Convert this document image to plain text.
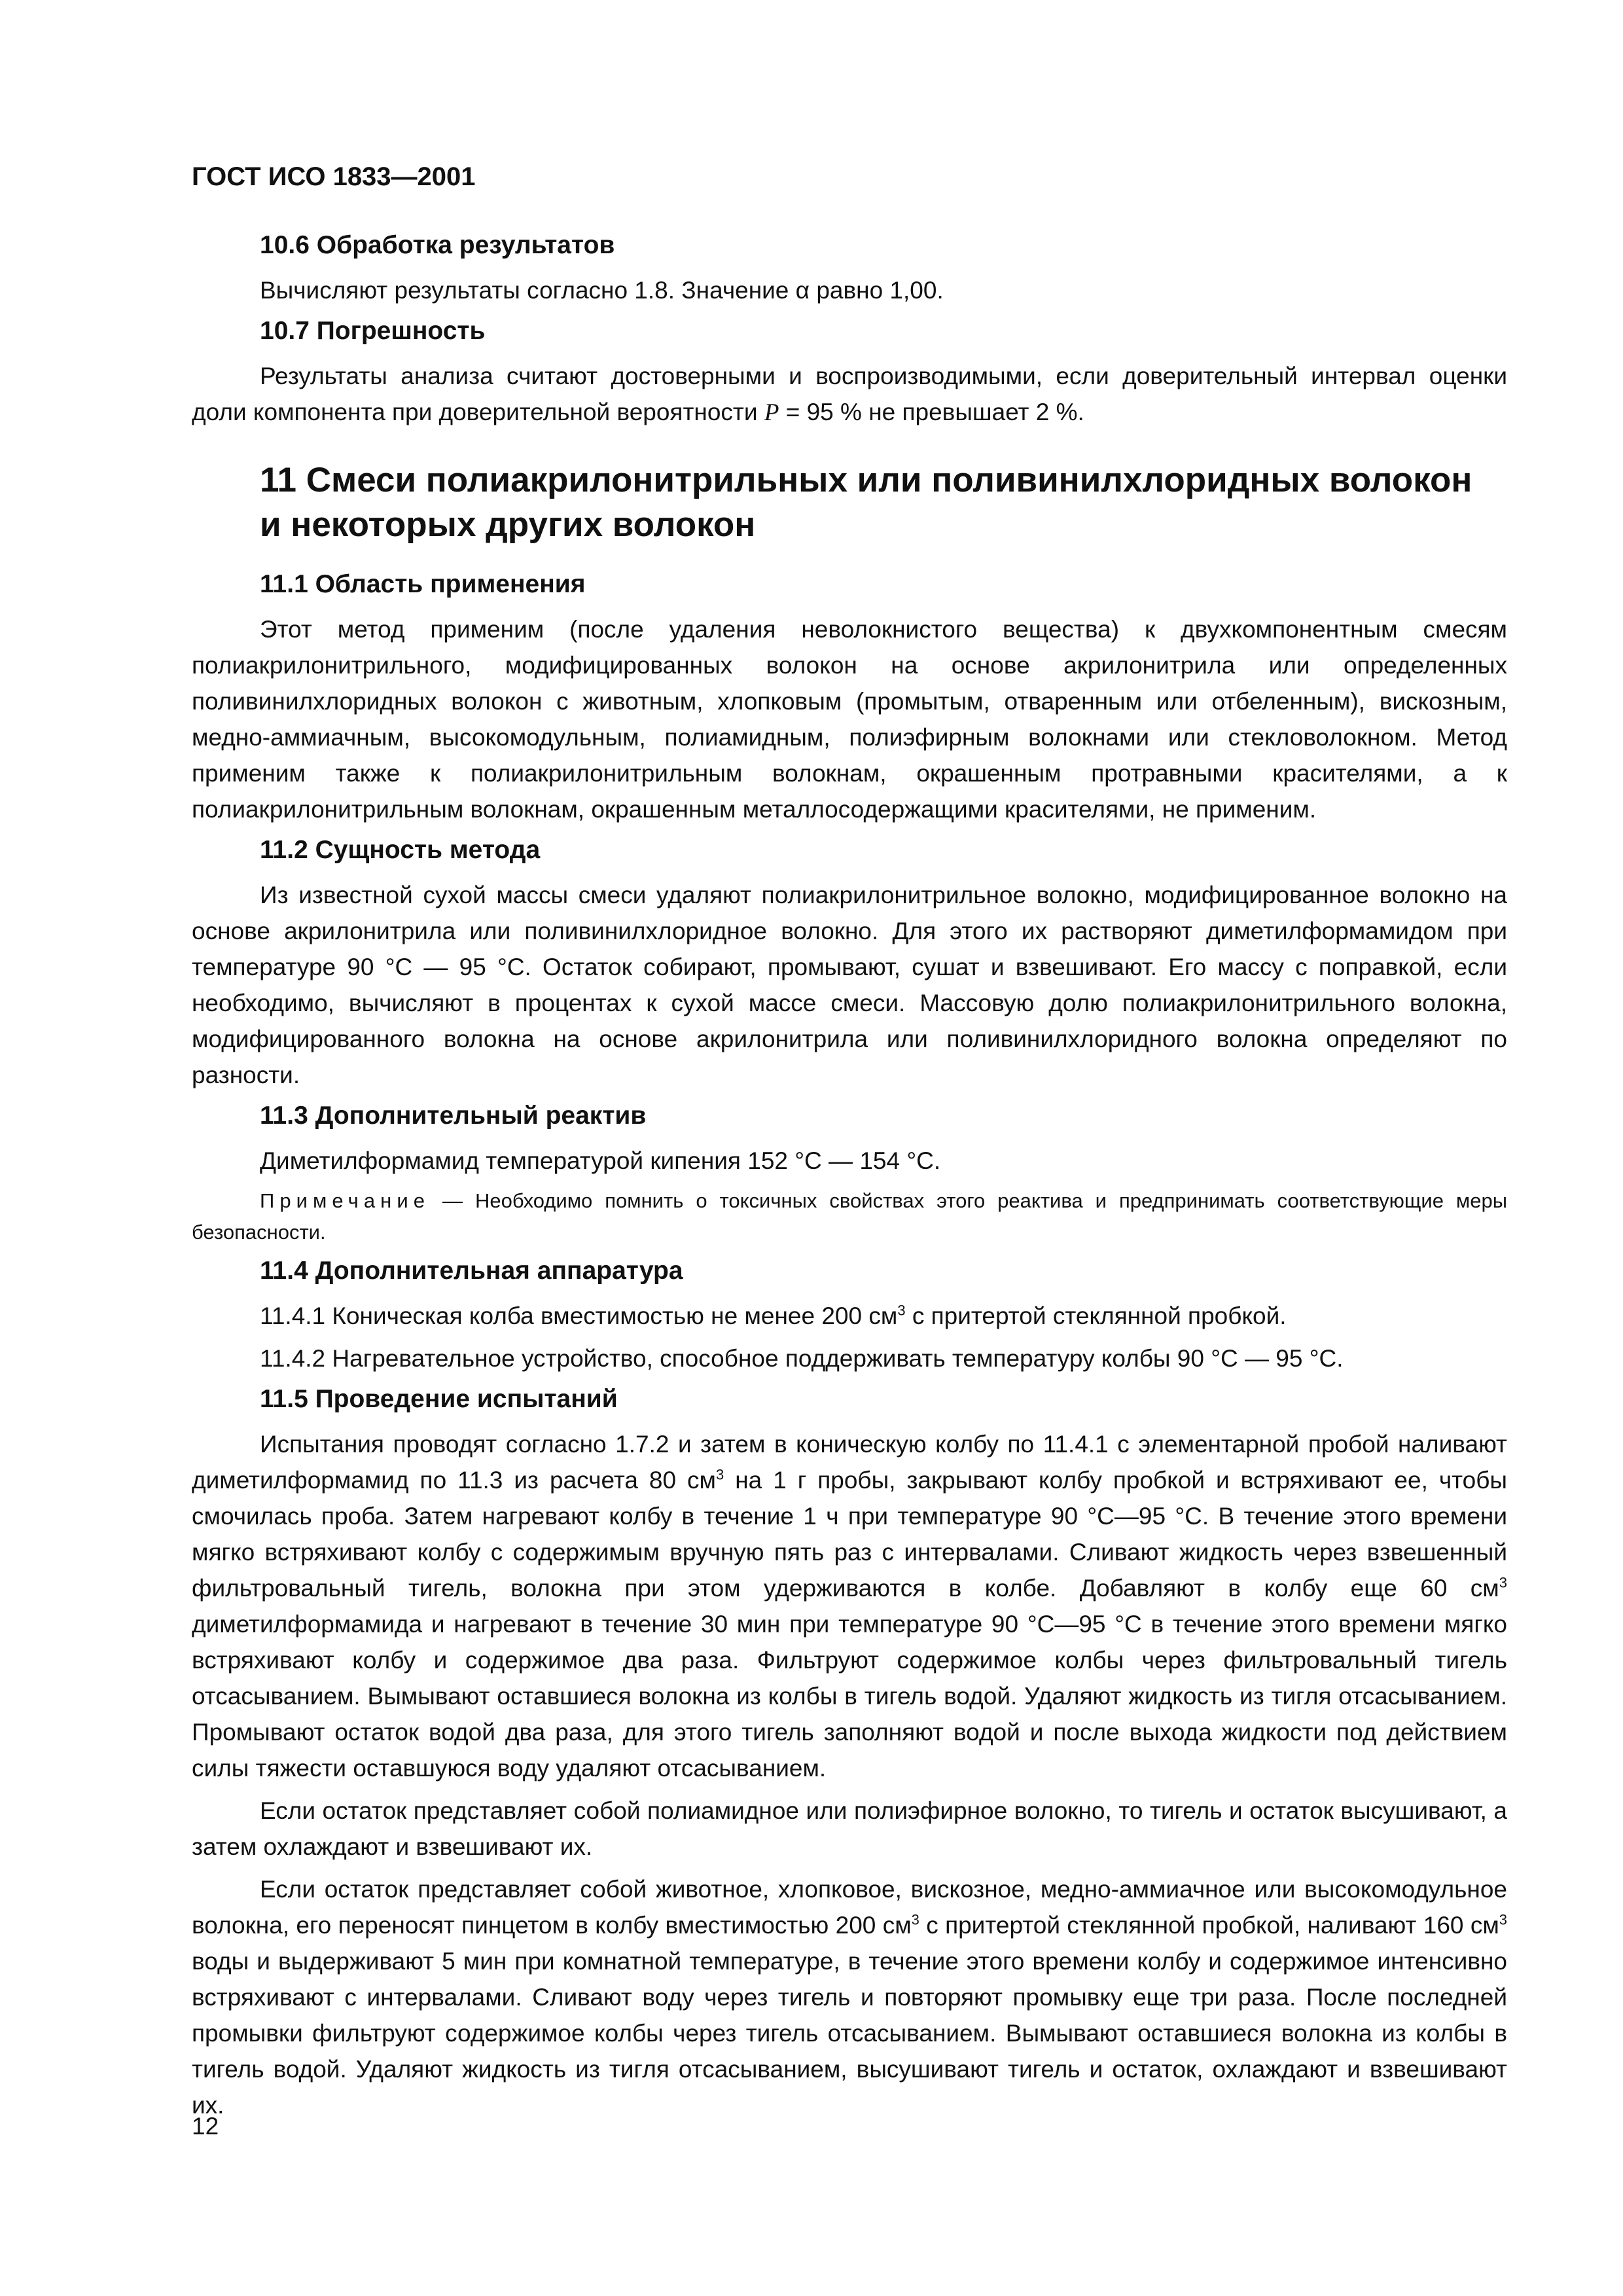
ГОСТ ИСО 1833—2001
10.6 Обработка результатов

Вычисляют результаты согласно 1.8. Значение α равно 1,00.

10.7 Погрешность

Результаты анализа считают достоверными и воспроизводимыми, если доверительный интервал оценки доли компонента при доверительной вероятности P = 95 % не превышает 2 %.

11 Смеси полиакрилонитрильных или поливинилхлоридных волокон
и некоторых других волокон
11.1 Область применения

Этот метод применим (после удаления неволокнистого вещества) к двухкомпонентным смесям полиакрилонитрильного, модифицированных волокон на основе акрилонитрила или определенных поливинилхлоридных волокон с животным, хлопковым (промытым, отваренным или отбеленным), вискозным, медно-аммиачным, высокомодульным, полиамидным, полиэфирным волокнами или стекловолокном. Метод применим также к полиакрилонитрильным волокнам, окрашенным протравными красителями, а к полиакрилонитрильным волокнам, окрашенным металлосодержащими красителями, не применим.

11.2 Сущность метода

Из известной сухой массы смеси удаляют полиакрилонитрильное волокно, модифицированное волокно на основе акрилонитрила или поливинилхлоридное волокно. Для этого их растворяют диметилформамидом при температуре 90 °С — 95 °С. Остаток собирают, промывают, сушат и взвешивают. Его массу с поправкой, если необходимо, вычисляют в процентах к сухой массе смеси. Массовую долю полиакрилонитрильного волокна, модифицированного волокна на основе акрилонитрила или поливинилхлоридного волокна определяют по разности.

11.3 Дополнительный реактив

Диметилформамид температурой кипения 152 °С — 154 °С.

Примечание — Необходимо помнить о токсичных свойствах этого реактива и предпринимать соответствующие меры безопасности.

11.4 Дополнительная аппаратура

11.4.1 Коническая колба вместимостью не менее 200 $см^3$ с притертой стеклянной пробкой.

11.4.2 Нагревательное устройство, способное поддерживать температуру колбы 90 °С — 95 °С.

11.5 Проведение испытаний

Испытания проводят согласно 1.7.2 и затем в коническую колбу по 11.4.1 с элементарной пробой наливают диметилформамид по 11.3 из расчета 80 $см^3$ на 1 г пробы, закрывают колбу пробкой и встряхивают ее, чтобы смочилась проба. Затем нагревают колбу в течение 1 ч при температуре 90 °С—95 °С. В течение этого времени мягко встряхивают колбу с содержимым вручную пять раз с интервалами. Сливают жидкость через взвешенный фильтровальный тигель, волокна при этом удерживаются в колбе. Добавляют в колбу еще 60 $см^3$ диметилформамида и нагревают в течение 30 мин при температуре 90 °С—95 °С в течение этого времени мягко встряхивают колбу и содержимое два раза. Фильтруют содержимое колбы через фильтровальный тигель отсасыванием. Вымывают оставшиеся волокна из колбы в тигель водой. Удаляют жидкость из тигля отсасыванием. Промывают остаток водой два раза, для этого тигель заполняют водой и после выхода жидкости под действием силы тяжести оставшуюся воду удаляют отсасыванием.

Если остаток представляет собой полиамидное или полиэфирное волокно, то тигель и остаток высушивают, а затем охлаждают и взвешивают их.

Если остаток представляет собой животное, хлопковое, вискозное, медно-аммиачное или высокомодульное волокна, его переносят пинцетом в колбу вместимостью 200 $см^3$ с притертой стеклянной пробкой, наливают 160 $см^3$ воды и выдерживают 5 мин при комнатной температуре, в течение этого времени колбу и содержимое интенсивно встряхивают с интервалами. Сливают воду через тигель и повторяют промывку еще три раза. После последней промывки фильтруют содержимое колбы через тигель отсасыванием. Вымывают оставшиеся волокна из колбы в тигель водой. Удаляют жидкость из тигля отсасыванием, высушивают тигель и остаток, охлаждают и взвешивают их.

12
